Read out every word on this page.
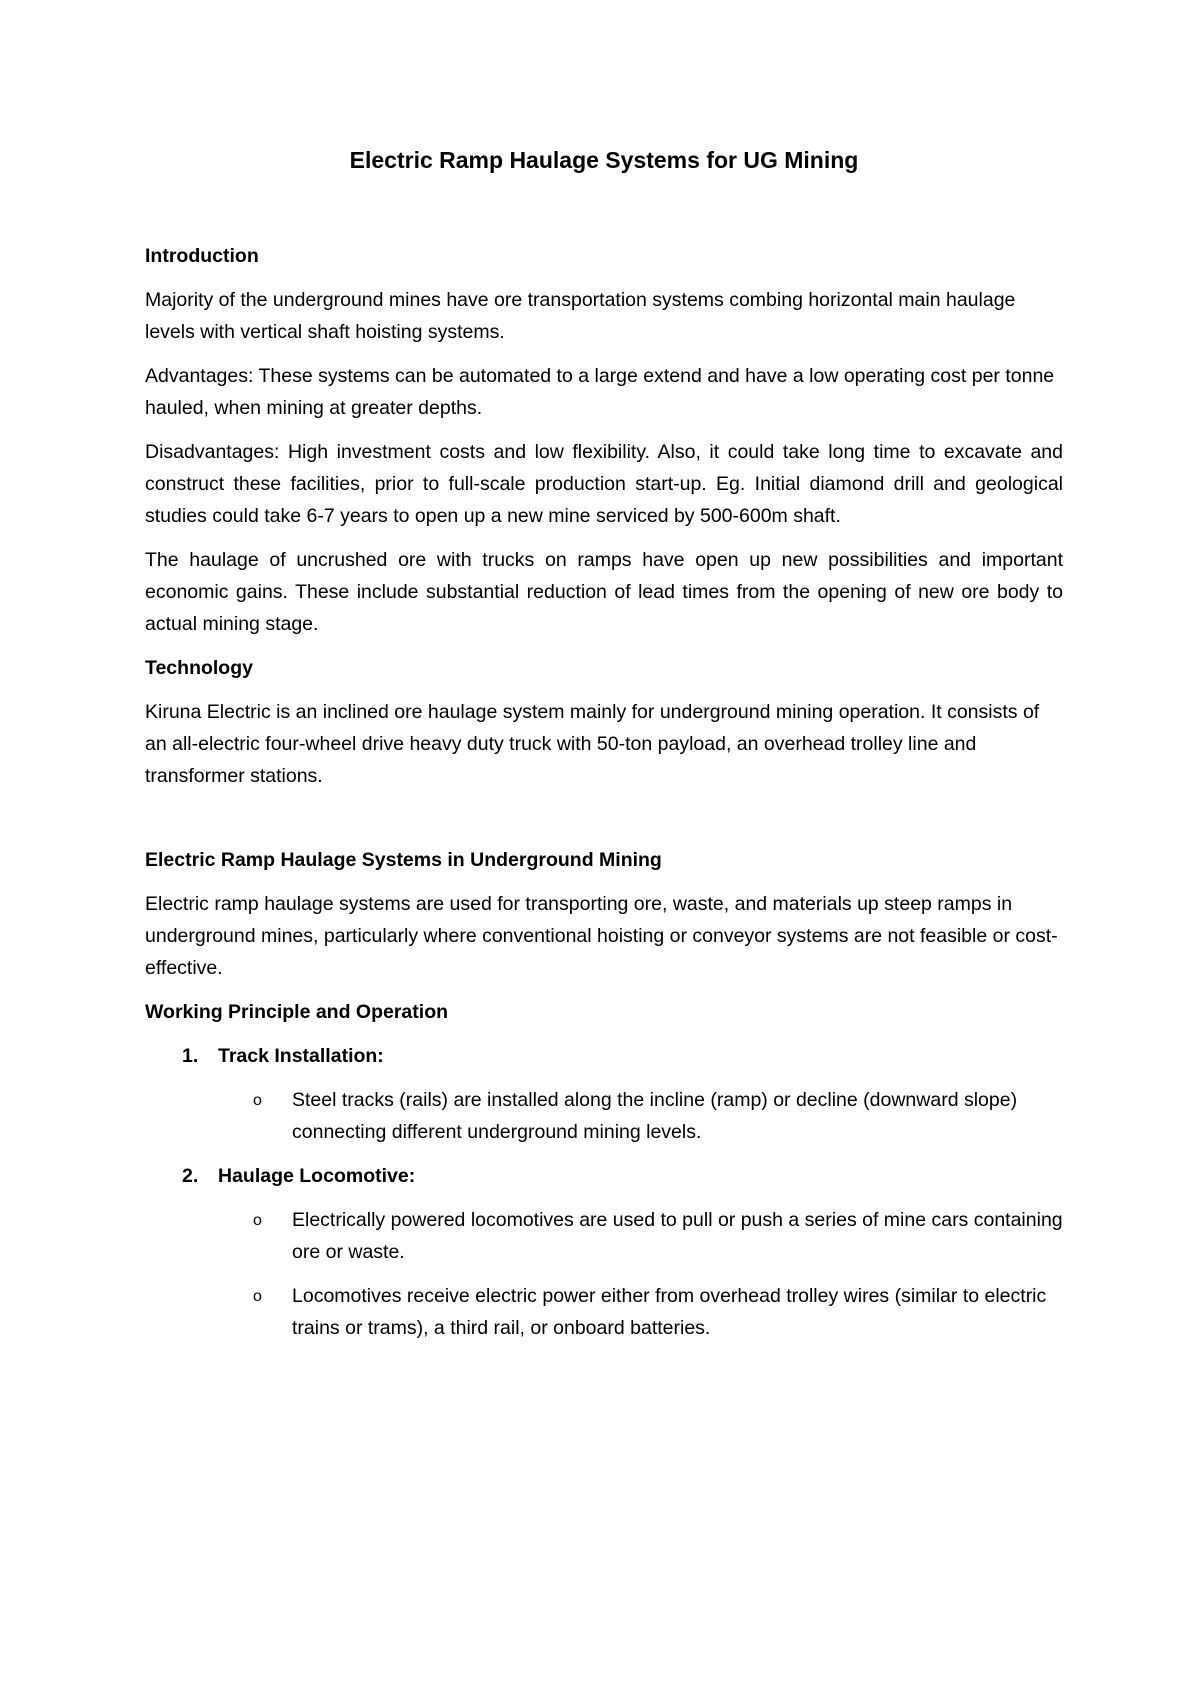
Electric Ramp Haulage Systems for UG Mining
Introduction

Majority of the underground mines have ore transportation systems combing horizontal main haulage levels with vertical shaft hoisting systems.

Advantages: These systems can be automated to a large extend and have a low operating cost per tonne hauled, when mining at greater depths.

Disadvantages: High investment costs and low flexibility. Also, it could take long time to excavate and construct these facilities, prior to full-scale production start-up. Eg. Initial diamond drill and geological studies could take 6-7 years to open up a new mine serviced by 500-600m shaft.

The haulage of uncrushed ore with trucks on ramps have open up new possibilities and important economic gains. These include substantial reduction of lead times from the opening of new ore body to actual mining stage.

Technology

Kiruna Electric is an inclined ore haulage system mainly for underground mining operation. It consists of an all-electric four-wheel drive heavy duty truck with 50-ton payload, an overhead trolley line and transformer stations.

Electric Ramp Haulage Systems in Underground Mining

Electric ramp haulage systems are used for transporting ore, waste, and materials up steep ramps in underground mines, particularly where conventional hoisting or conveyor systems are not feasible or cost-effective.

Working Principle and Operation
1. Track Installation:
o Steel tracks (rails) are installed along the incline (ramp) or decline (downward slope) connecting different underground mining levels.
2. Haulage Locomotive:
o Electrically powered locomotives are used to pull or push a series of mine cars containing ore or waste.
o Locomotives receive electric power either from overhead trolley wires (similar to electric trains or trams), a third rail, or onboard batteries.
